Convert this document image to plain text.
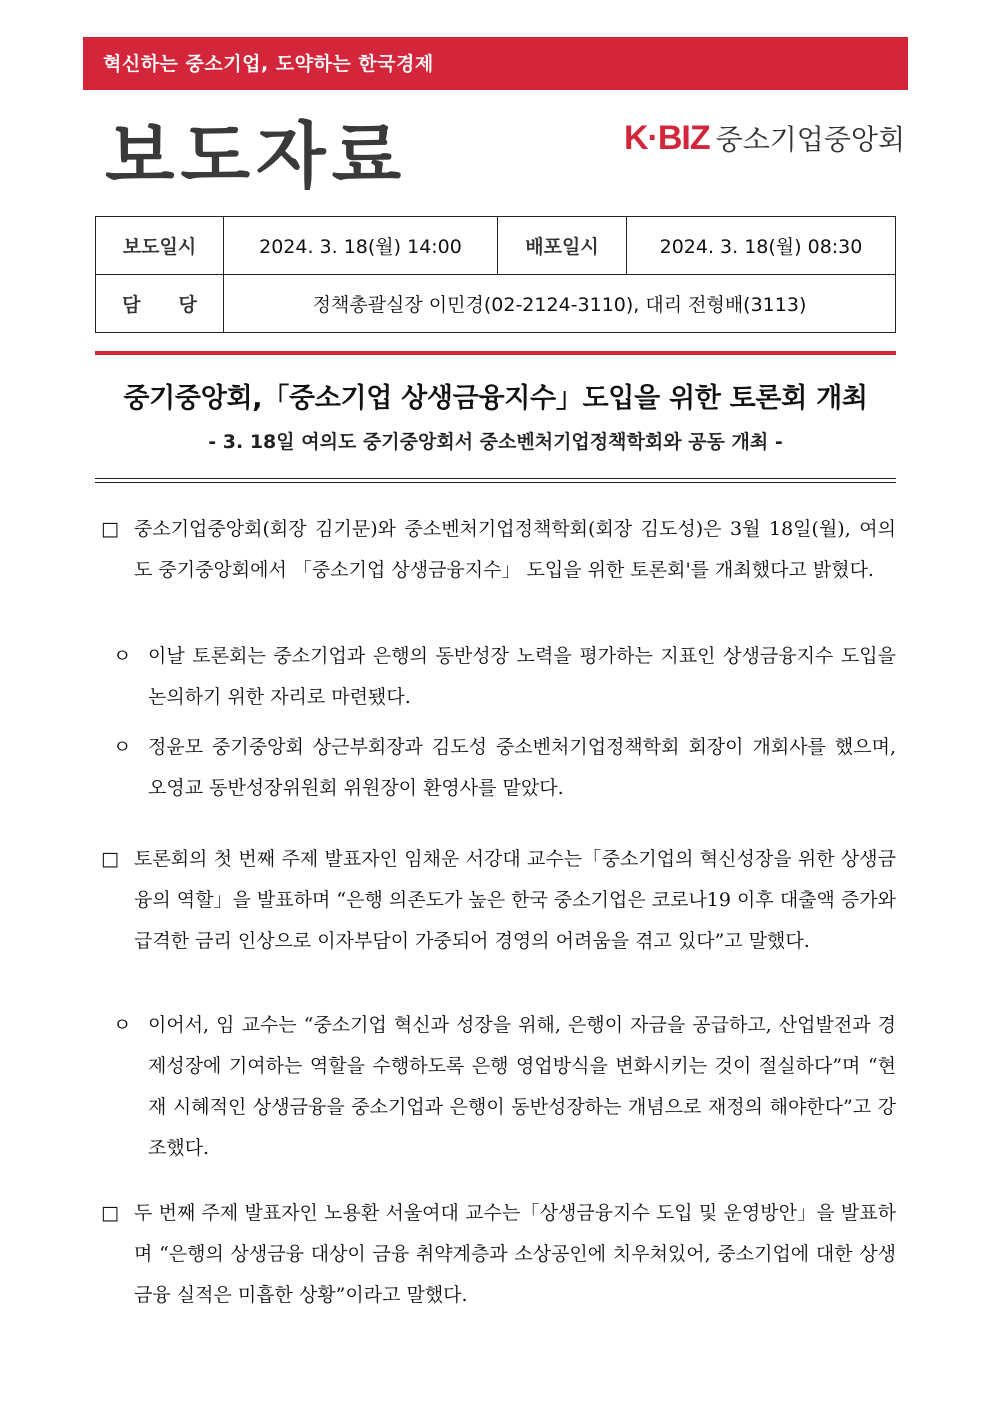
혁신하는 중소기업, 도약하는 한국경제
보도자료	K·BIZ 중소기업중앙회
보도일시	2024. 3. 18(월) 14:00	배포일시	2024. 3. 18(월) 08:30
담　　당	정책총괄실장 이민경(02-2124-3110), 대리 전형배(3113)		
중기중앙회,「중소기업 상생금융지수」도입을 위한 토론회 개최
- 3. 18일 여의도 중기중앙회서 중소벤처기업정책학회와 공동 개최 -
□ 중소기업중앙회(회장 김기문)와 중소벤처기업정책학회(회장 김도성)은 3월 18일(월), 여의도 중기중앙회에서 「중소기업 상생금융지수」 도입을 위한 토론회'를 개최했다고 밝혔다.
ㅇ 이날 토론회는 중소기업과 은행의 동반성장 노력을 평가하는 지표인 상생금융지수 도입을 논의하기 위한 자리로 마련됐다.
ㅇ 정윤모 중기중앙회 상근부회장과 김도성 중소벤처기업정책학회 회장이 개회사를 했으며, 오영교 동반성장위원회 위원장이 환영사를 맡았다.
□ 토론회의 첫 번째 주제 발표자인 임채운 서강대 교수는「중소기업의 혁신성장을 위한 상생금융의 역할」을 발표하며 “은행 의존도가 높은 한국 중소기업은 코로나19 이후 대출액 증가와 급격한 금리 인상으로 이자부담이 가중되어 경영의 어려움을 겪고 있다”고 말했다.
ㅇ 이어서, 임 교수는 “중소기업 혁신과 성장을 위해, 은행이 자금을 공급하고, 산업발전과 경제성장에 기여하는 역할을 수행하도록 은행 영업방식을 변화시키는 것이 절실하다”며 “현재 시혜적인 상생금융을 중소기업과 은행이 동반성장하는 개념으로 재정의 해야한다”고 강조했다.
□ 두 번째 주제 발표자인 노용환 서울여대 교수는「상생금융지수 도입 및 운영방안」을 발표하며 “은행의 상생금융 대상이 금융 취약계층과 소상공인에 치우쳐있어, 중소기업에 대한 상생금융 실적은 미흡한 상황”이라고 말했다.
